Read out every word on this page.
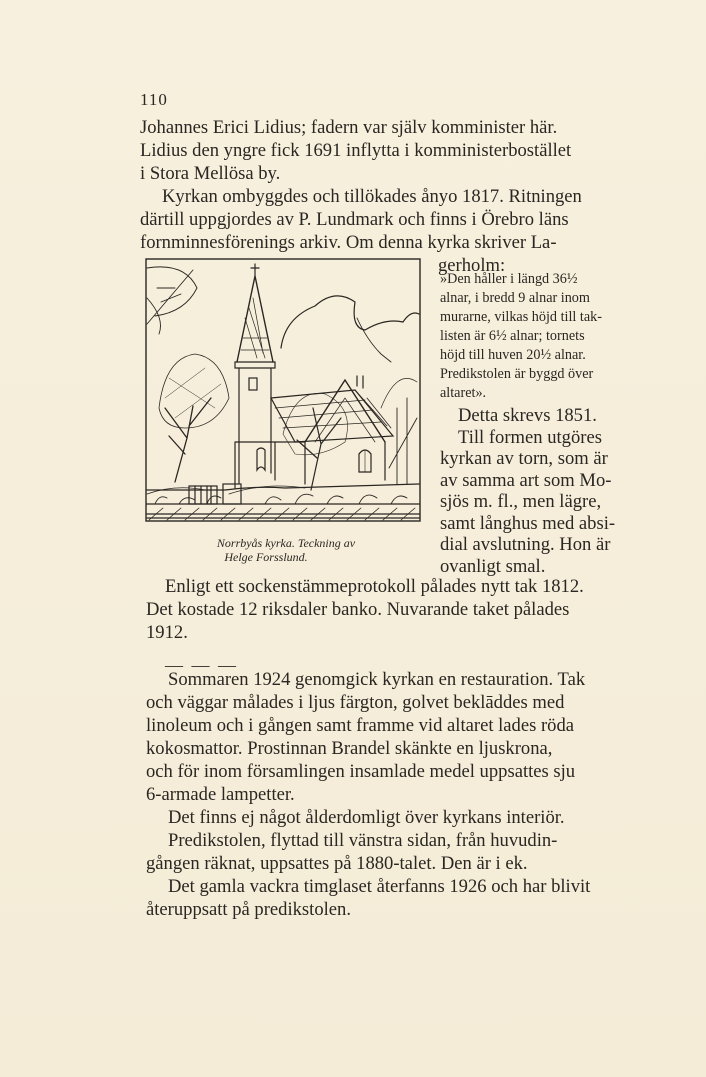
110
Johannes Erici Lidius; fadern var själv komminister här.
Lidius den yngre fick 1691 inflytta i komministerbostället
i Stora Mellösa by.
Kyrkan ombyggdes och tillökades ånyo 1817. Ritningen
därtill uppgjordes av P. Lundmark och finns i Örebro läns
fornminnesförenings arkiv. Om denna kyrka skriver La-
gerholm:
»Den håller i längd 36½
alnar, i bredd 9 alnar inom
murarne, vilkas höjd till tak-
listen är 6½ alnar; tornets
höjd till huven 20½ alnar.
Predikstolen är byggd över
altaret».
Detta skrevs 1851.
Till formen utgöres
kyrkan av torn, som är
av samma art som Mo-
sjös m. fl., men lägre,
samt långhus med absi-
dial avslutning. Hon är
ovanligt smal.
Norrbyås kyrka. Teckning av
Helge Forsslund.
Enligt ett sockenstämmeprotokoll pålades nytt tak 1812.
Det kostade 12 riksdaler banko. Nuvarande taket pålades
1912.
— — —
Sommaren 1924 genomgick kyrkan en restauration. Tak
och väggar målades i ljus färgton, golvet beklāddes med
linoleum och i gången samt framme vid altaret lades röda
kokosmattor. Prostinnan Brandel skänkte en ljuskrona,
och för inom församlingen insamlade medel uppsattes sju
6-armade lampetter.
Det finns ej något ålderdomligt över kyrkans interiör.
Predikstolen, flyttad till vänstra sidan, från huvudin-
gången räknat, uppsattes på 1880-talet. Den är i ek.
Det gamla vackra timglaset återfanns 1926 och har blivit
återuppsatt på predikstolen.
